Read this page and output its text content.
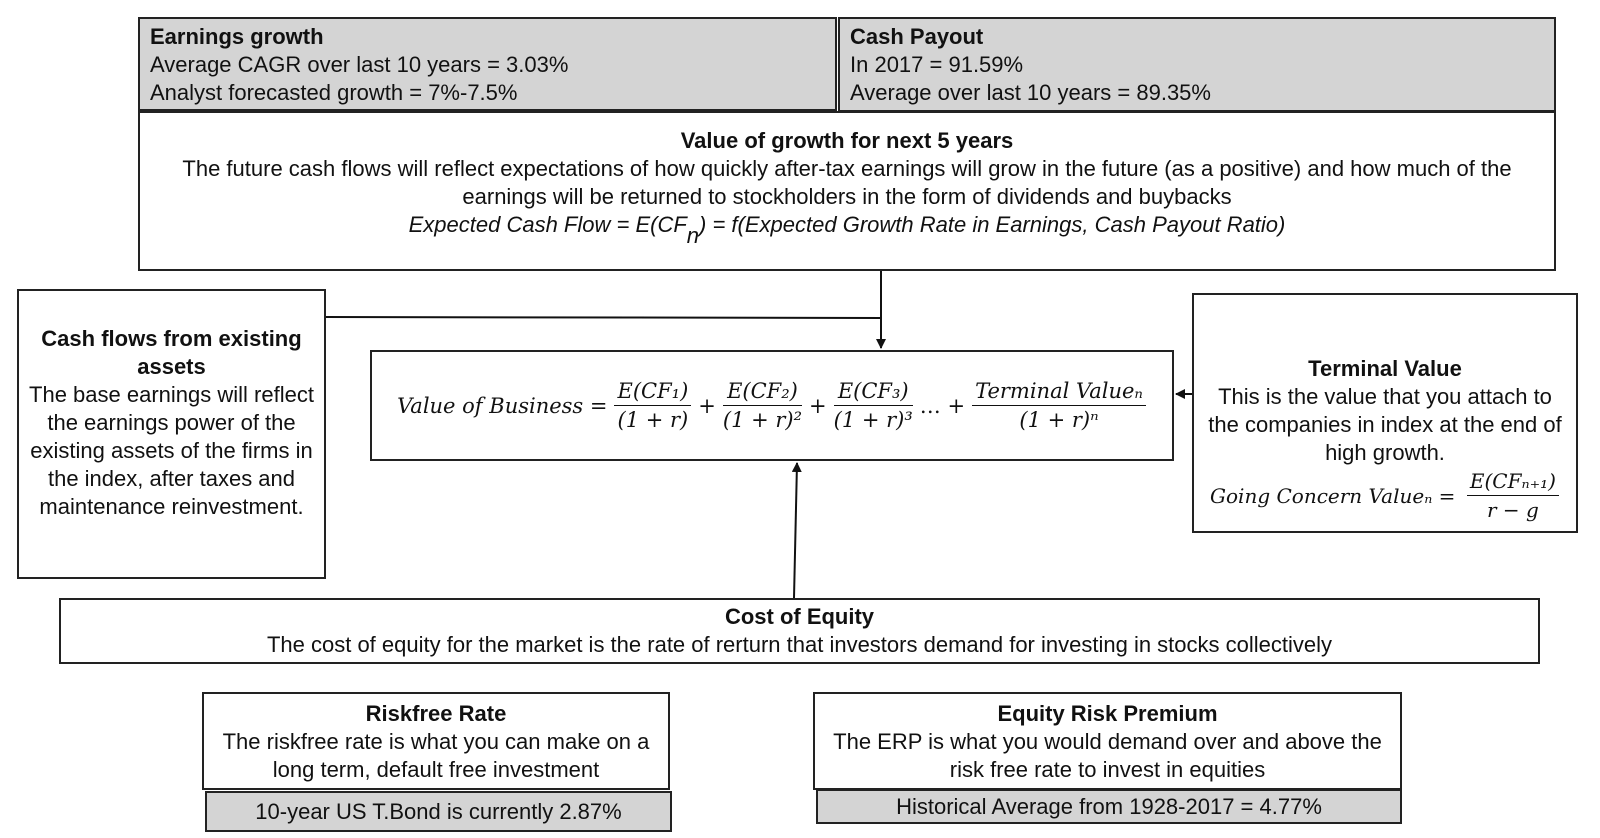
Earnings growth
Average CAGR over last 10 years = 3.03%
Analyst forecasted growth = 7%-7.5%
Cash Payout
In 2017 = 91.59%
Average over last 10 years = 89.35%
Value of growth for next 5 years
The future cash flows will reflect expectations of how quickly after-tax earnings will grow in the future (as a positive) and how much of the earnings will be returned to stockholders in the form of dividends and buybacks
Expected Cash Flow = $E(CF_n)$ = f(Expected Growth Rate in Earnings, Cash Payout Ratio)
Cash flows from existing assets
The base earnings will reflect the earnings power of the existing assets of the firms in the index, after taxes and maintenance reinvestment.
Value of Business = $\frac{\text{E(CF₁)}}{(1 + r)} + \frac{\text{E(CF₂)}}{\text{(1 + r)²}} + \frac{\text{E(CF₃)}}{\text{(1 + r)³}}$ … + $\frac{\text{Terminal Valueₙ}}{\text{(1 + r)ⁿ}}$
Terminal Value
This is the value that you attach to the companies in index at the end of high growth.
Going Concern Valueₙ = $\frac{\text{E(CFₙ₊₁)}}{r - g}$
Cost of Equity
The cost of equity for the market is the rate of rerturn that investors demand for investing in stocks collectively
Riskfree Rate
The riskfree rate is what you can make on a long term, default free investment
10-year US T.Bond is currently 2.87%
Equity Risk Premium
The ERP is what you would demand over and above the risk free rate to invest in equities
Historical Average from 1928-2017 = 4.77%
